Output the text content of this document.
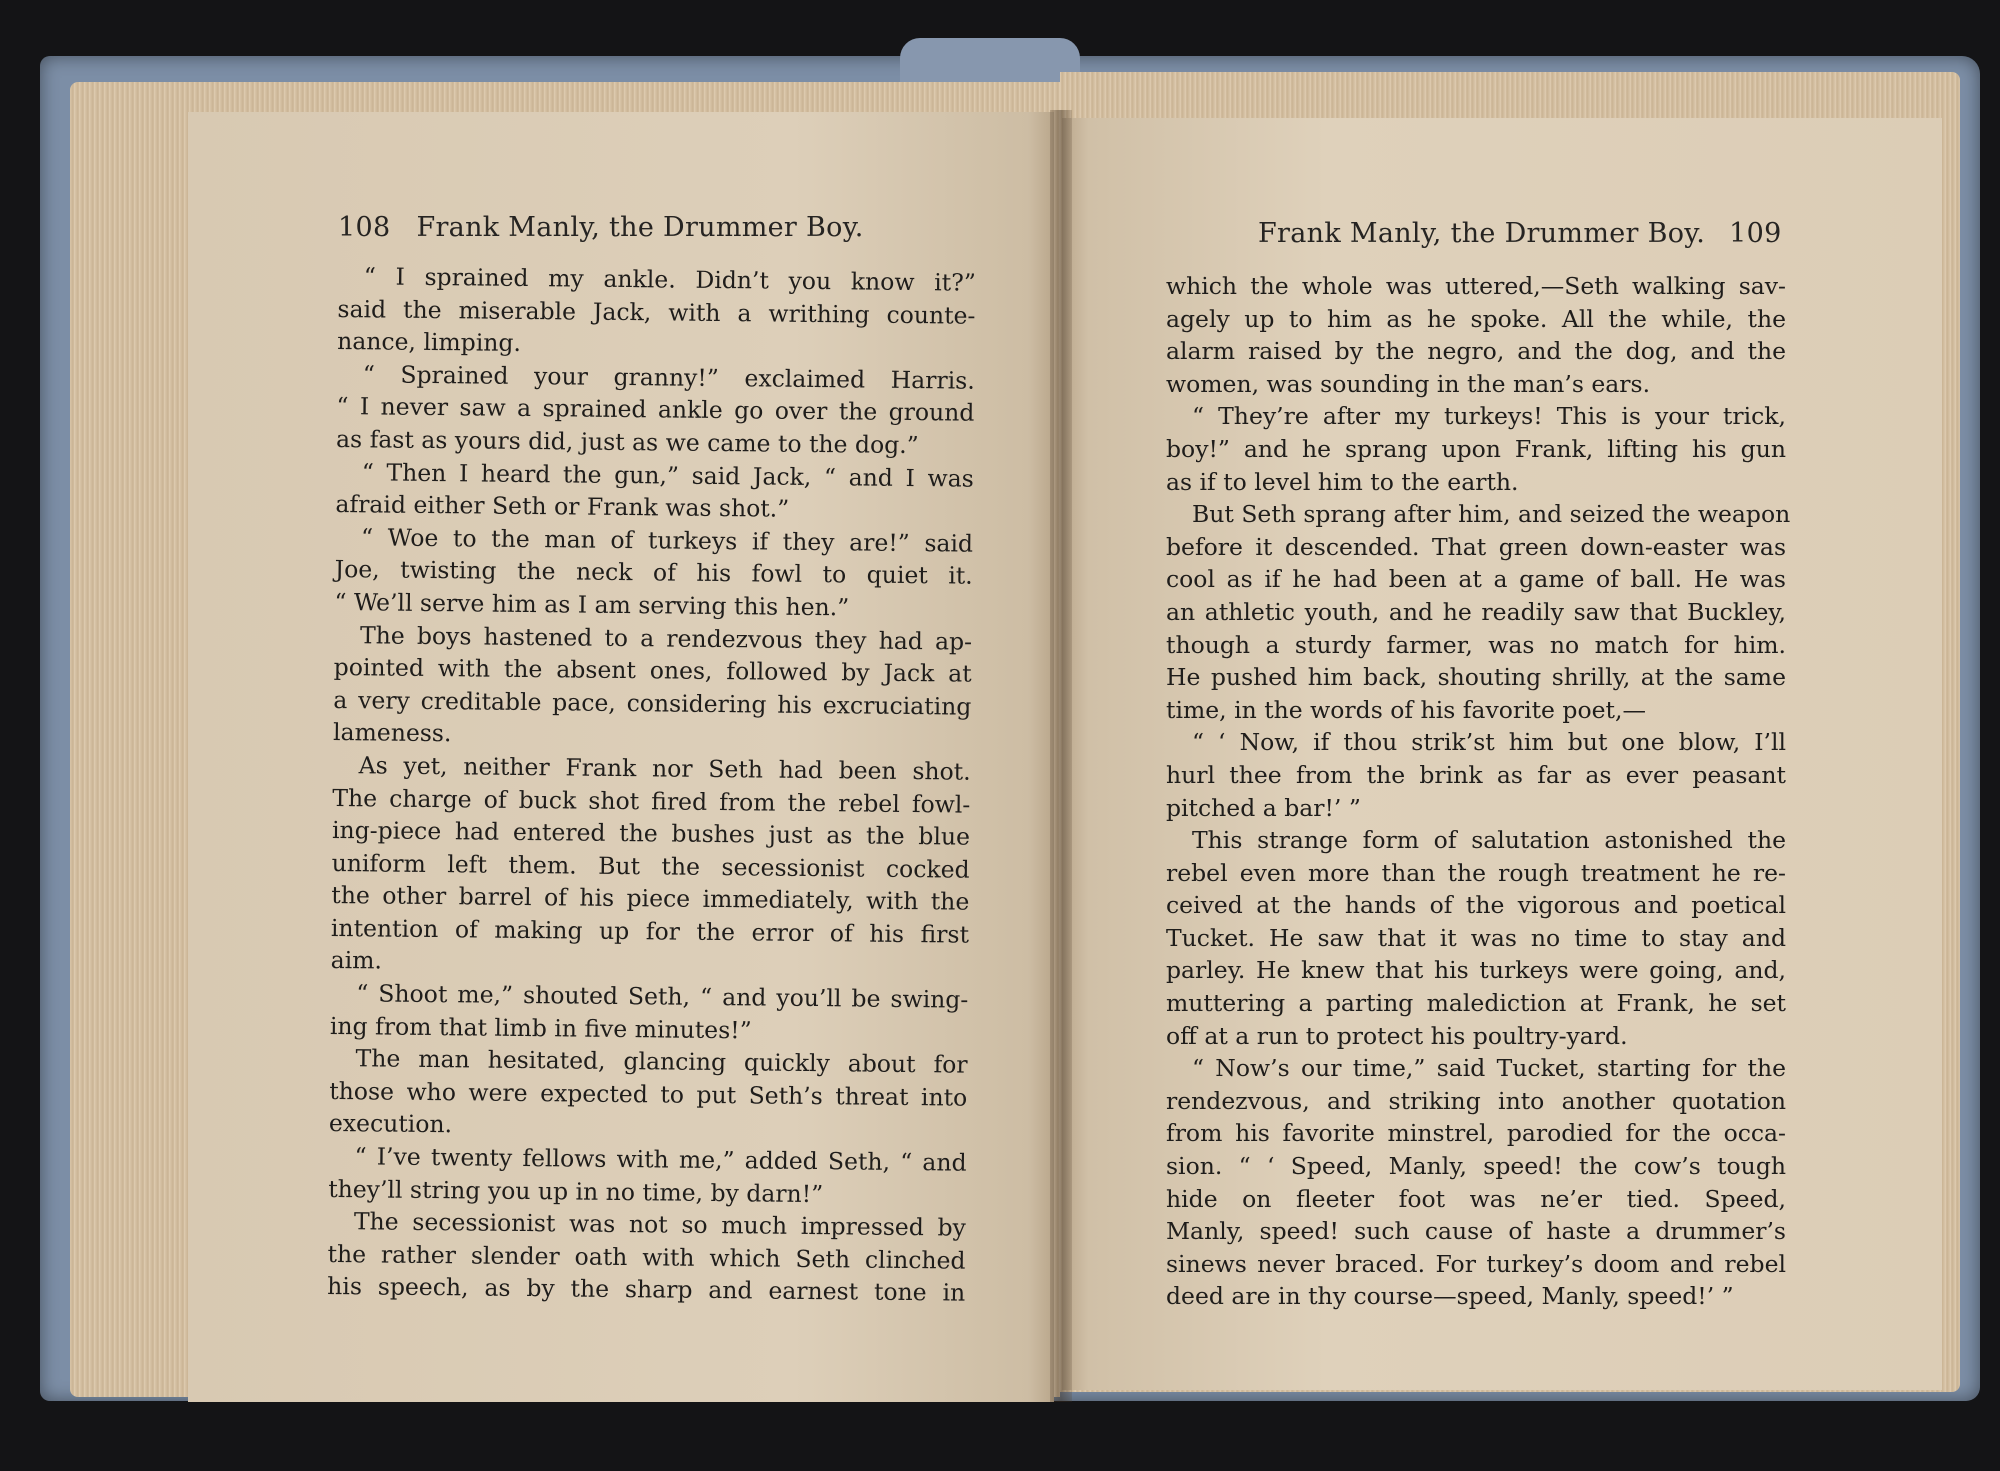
108 Frank Manly, the Drummer Boy.
“ I sprained my ankle. Didn’t you know it?”
said the miserable Jack, with a writhing counte-
nance, limping.
“ Sprained your granny!” exclaimed Harris.
“ I never saw a sprained ankle go over the ground
as fast as yours did, just as we came to the dog.”
“ Then I heard the gun,” said Jack, “ and I was
afraid either Seth or Frank was shot.”
“ Woe to the man of turkeys if they are!” said
Joe, twisting the neck of his fowl to quiet it.
“ We’ll serve him as I am serving this hen.”
The boys hastened to a rendezvous they had ap-
pointed with the absent ones, followed by Jack at
a very creditable pace, considering his excruciating
lameness.
As yet, neither Frank nor Seth had been shot.
The charge of buck shot fired from the rebel fowl-
ing-piece had entered the bushes just as the blue
uniform left them. But the secessionist cocked
the other barrel of his piece immediately, with the
intention of making up for the error of his first
aim.
“ Shoot me,” shouted Seth, “ and you’ll be swing-
ing from that limb in five minutes!”
The man hesitated, glancing quickly about for
those who were expected to put Seth’s threat into
execution.
“ I’ve twenty fellows with me,” added Seth, “ and
they’ll string you up in no time, by darn!”
The secessionist was not so much impressed by
the rather slender oath with which Seth clinched
his speech, as by the sharp and earnest tone in
Frank Manly, the Drummer Boy. 109
which the whole was uttered,—Seth walking sav-
agely up to him as he spoke. All the while, the
alarm raised by the negro, and the dog, and the
women, was sounding in the man’s ears.
“ They’re after my turkeys! This is your trick,
boy!” and he sprang upon Frank, lifting his gun
as if to level him to the earth.
But Seth sprang after him, and seized the weapon
before it descended. That green down-easter was
cool as if he had been at a game of ball. He was
an athletic youth, and he readily saw that Buckley,
though a sturdy farmer, was no match for him.
He pushed him back, shouting shrilly, at the same
time, in the words of his favorite poet,—
“ ‘ Now, if thou strik’st him but one blow, I’ll
hurl thee from the brink as far as ever peasant
pitched a bar!’ ”
This strange form of salutation astonished the
rebel even more than the rough treatment he re-
ceived at the hands of the vigorous and poetical
Tucket. He saw that it was no time to stay and
parley. He knew that his turkeys were going, and,
muttering a parting malediction at Frank, he set
off at a run to protect his poultry-yard.
“ Now’s our time,” said Tucket, starting for the
rendezvous, and striking into another quotation
from his favorite minstrel, parodied for the occa-
sion. “ ‘ Speed, Manly, speed! the cow’s tough
hide on fleeter foot was ne’er tied. Speed,
Manly, speed! such cause of haste a drummer’s
sinews never braced. For turkey’s doom and rebel
deed are in thy course—speed, Manly, speed!’ ”
